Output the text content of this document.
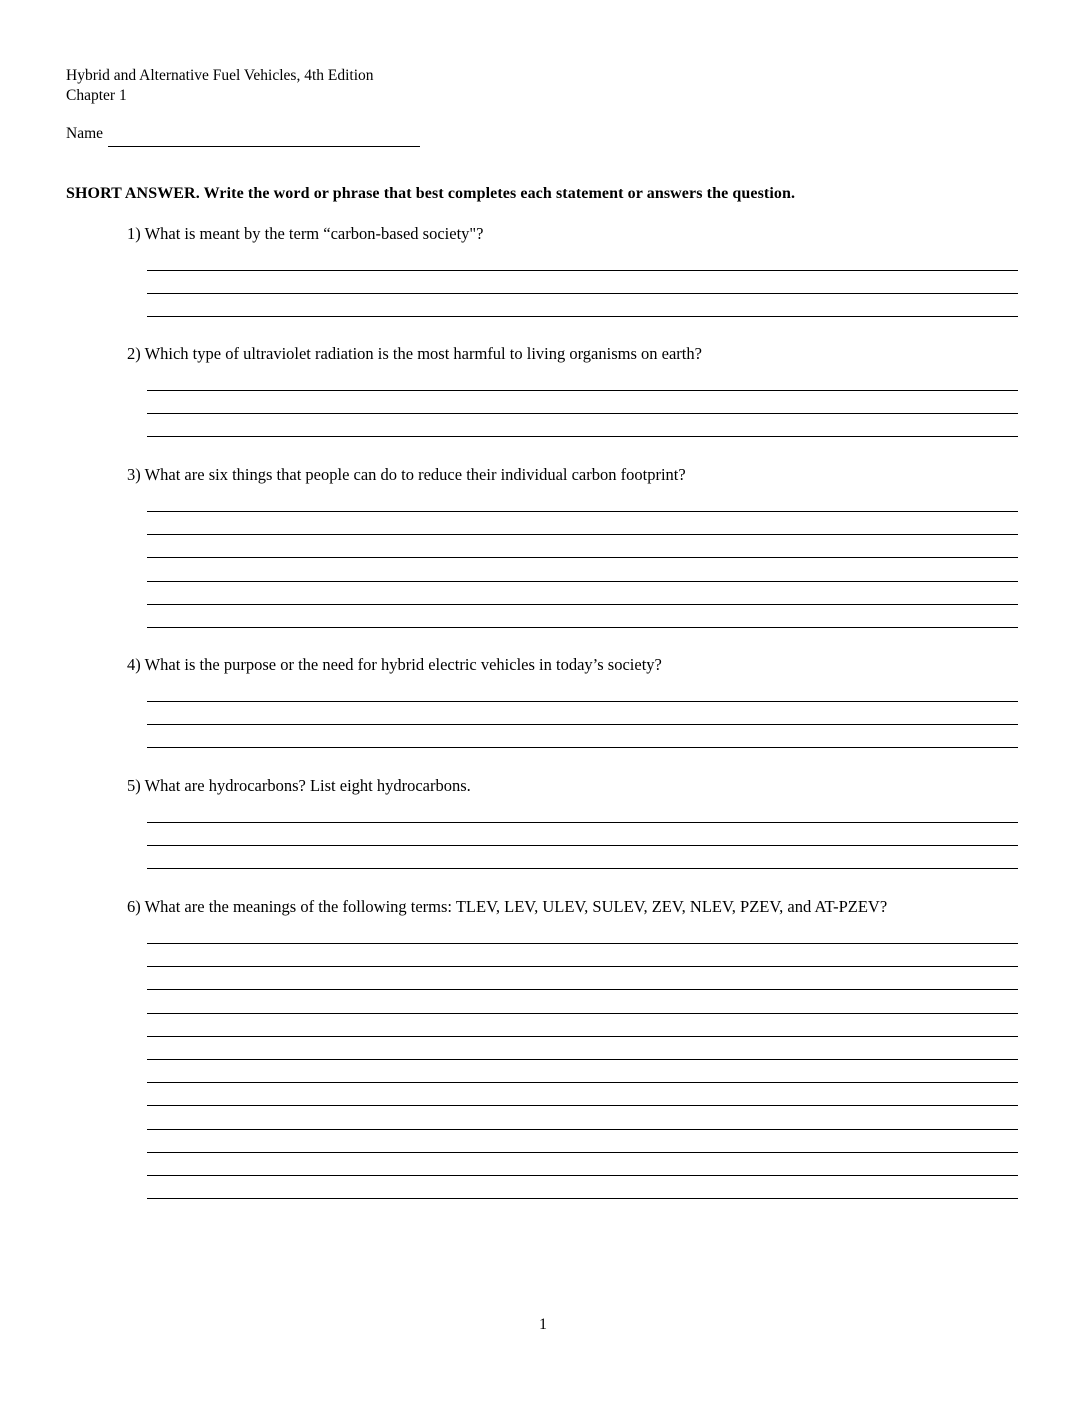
Hybrid and Alternative Fuel Vehicles, 4th Edition
Chapter 1
Name
SHORT ANSWER. Write the word or phrase that best completes each statement or answers the question.
1) What is meant by the term “carbon-based society"?
2) Which type of ultraviolet radiation is the most harmful to living organisms on earth?
3) What are six things that people can do to reduce their individual carbon footprint?
4) What is the purpose or the need for hybrid electric vehicles in today’s society?
5) What are hydrocarbons? List eight hydrocarbons.
6) What are the meanings of the following terms: TLEV, LEV, ULEV, SULEV, ZEV, NLEV, PZEV, and AT-PZEV?
1
